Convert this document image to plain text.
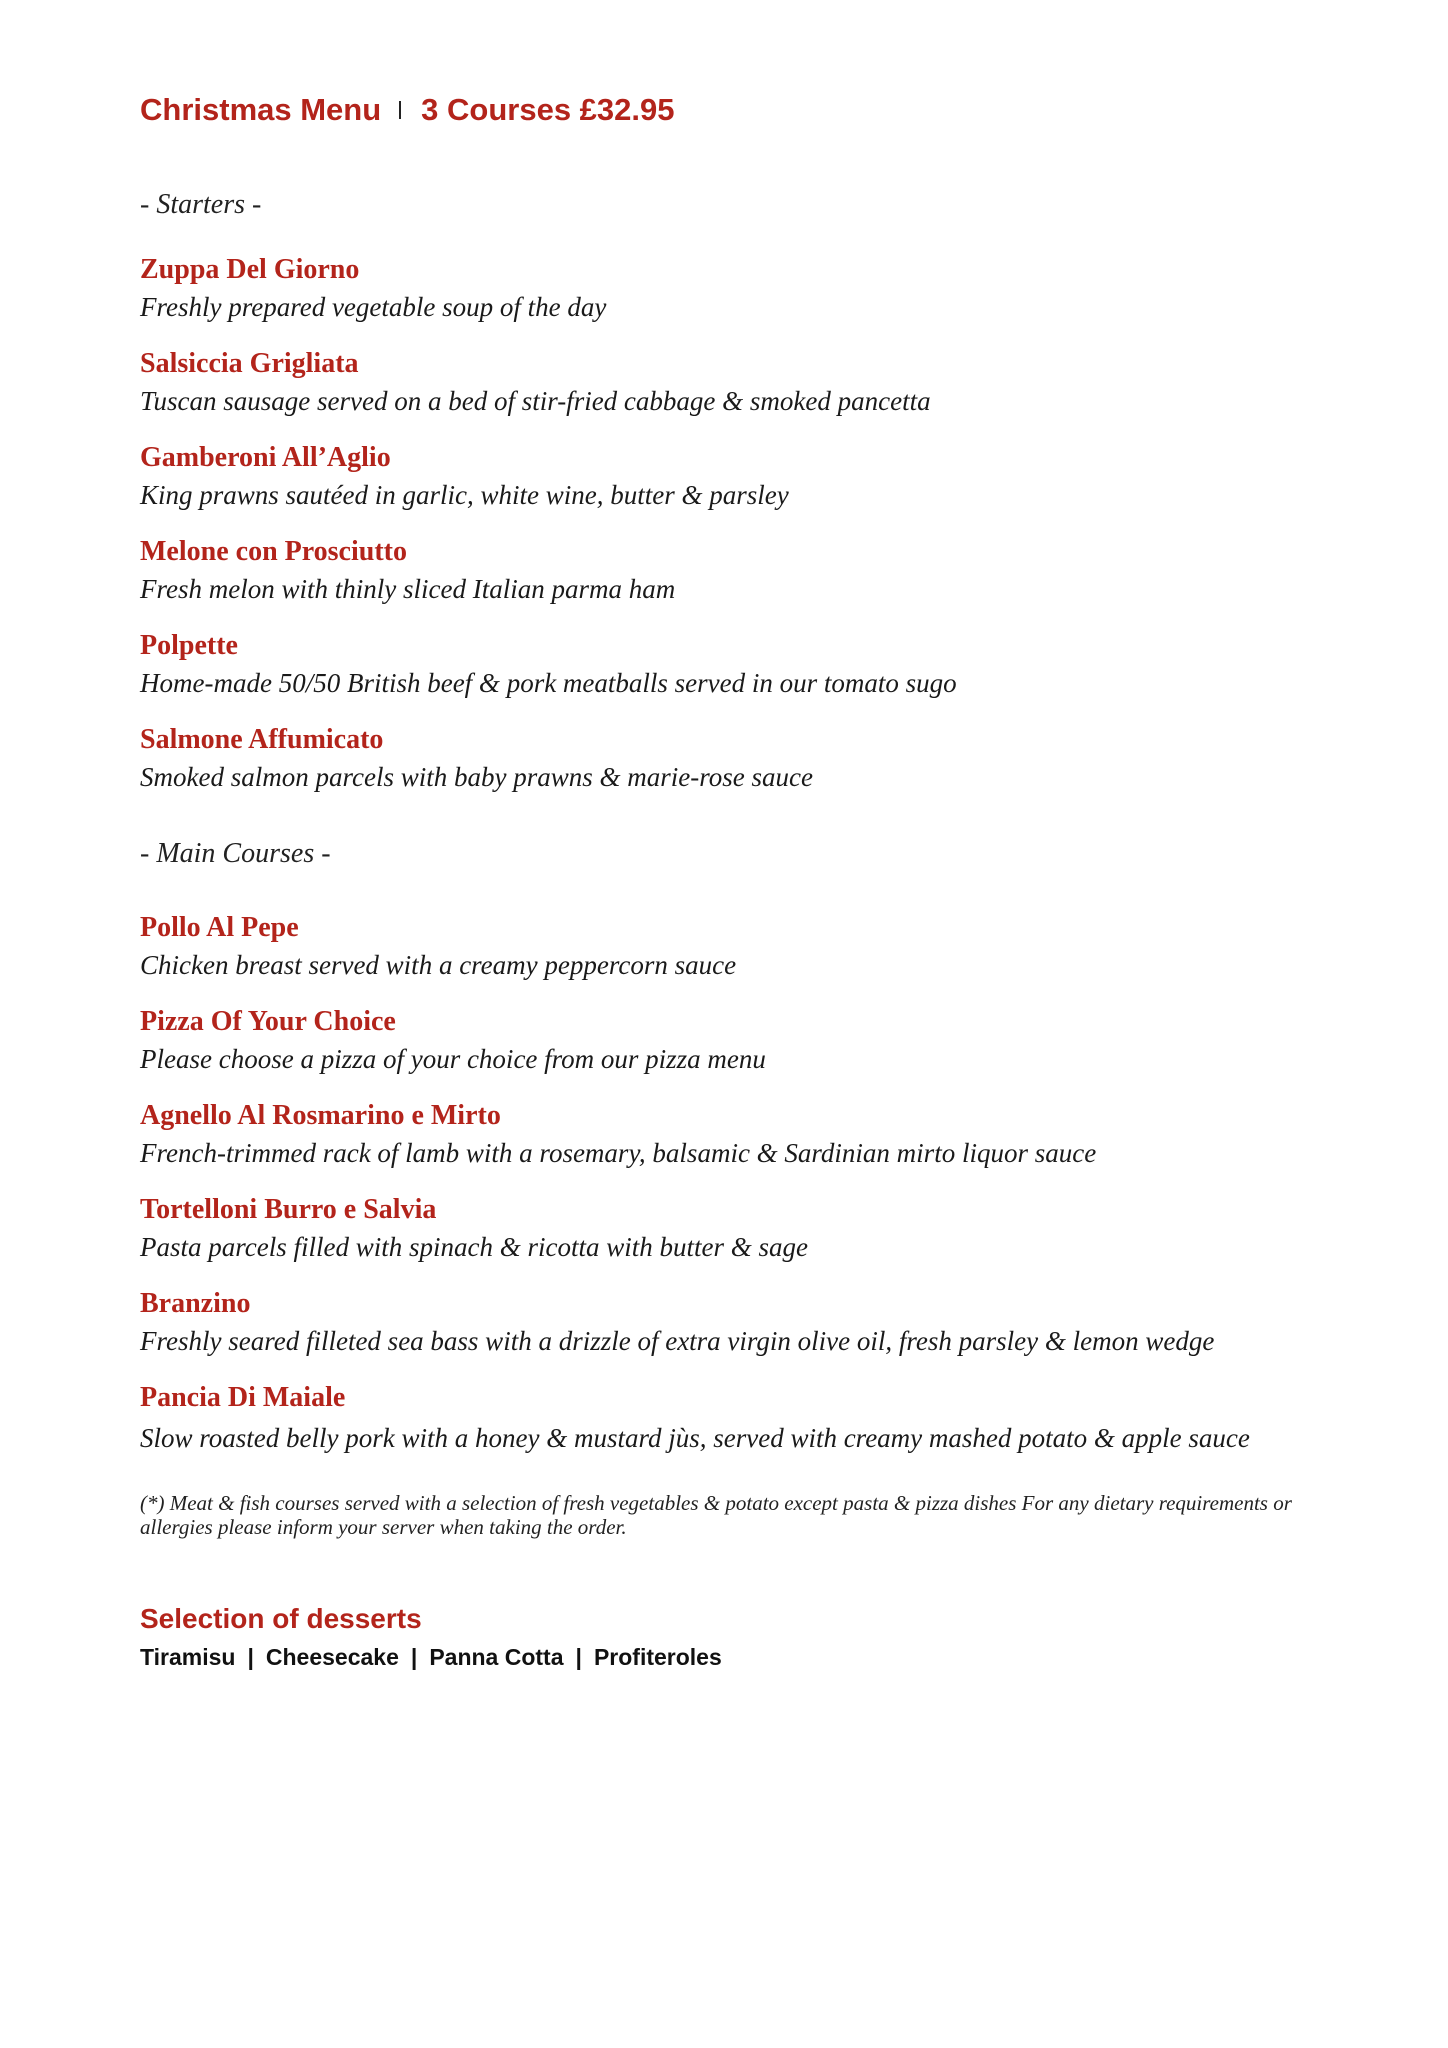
Christmas Menu 3 Courses £32.95
- Starters -
Zuppa Del Giorno
Freshly prepared vegetable soup of the day
Salsiccia Grigliata
Tuscan sausage served on a bed of stir-fried cabbage & smoked pancetta
Gamberoni All’Aglio
King prawns sautéed in garlic, white wine, butter & parsley
Melone con Prosciutto
Fresh melon with thinly sliced Italian parma ham
Polpette
Home-made 50/50 British beef & pork meatballs served in our tomato sugo
Salmone Affumicato
Smoked salmon parcels with baby prawns & marie-rose sauce
- Main Courses -
Pollo Al Pepe
Chicken breast served with a creamy peppercorn sauce
Pizza Of Your Choice
Please choose a pizza of your choice from our pizza menu
Agnello Al Rosmarino e Mirto
French-trimmed rack of lamb with a rosemary, balsamic & Sardinian mirto liquor sauce
Tortelloni Burro e Salvia
Pasta parcels filled with spinach & ricotta with butter & sage
Branzino
Freshly seared filleted sea bass with a drizzle of extra virgin olive oil, fresh parsley & lemon wedge
Pancia Di Maiale
Slow roasted belly pork with a honey & mustard jùs, served with creamy mashed potato & apple sauce
(*) Meat & fish courses served with a selection of fresh vegetables & potato except pasta & pizza dishes For any dietary requirements or allergies please inform your server when taking the order.
Selection of desserts
Tiramisu | Cheesecake | Panna Cotta | Profiteroles
